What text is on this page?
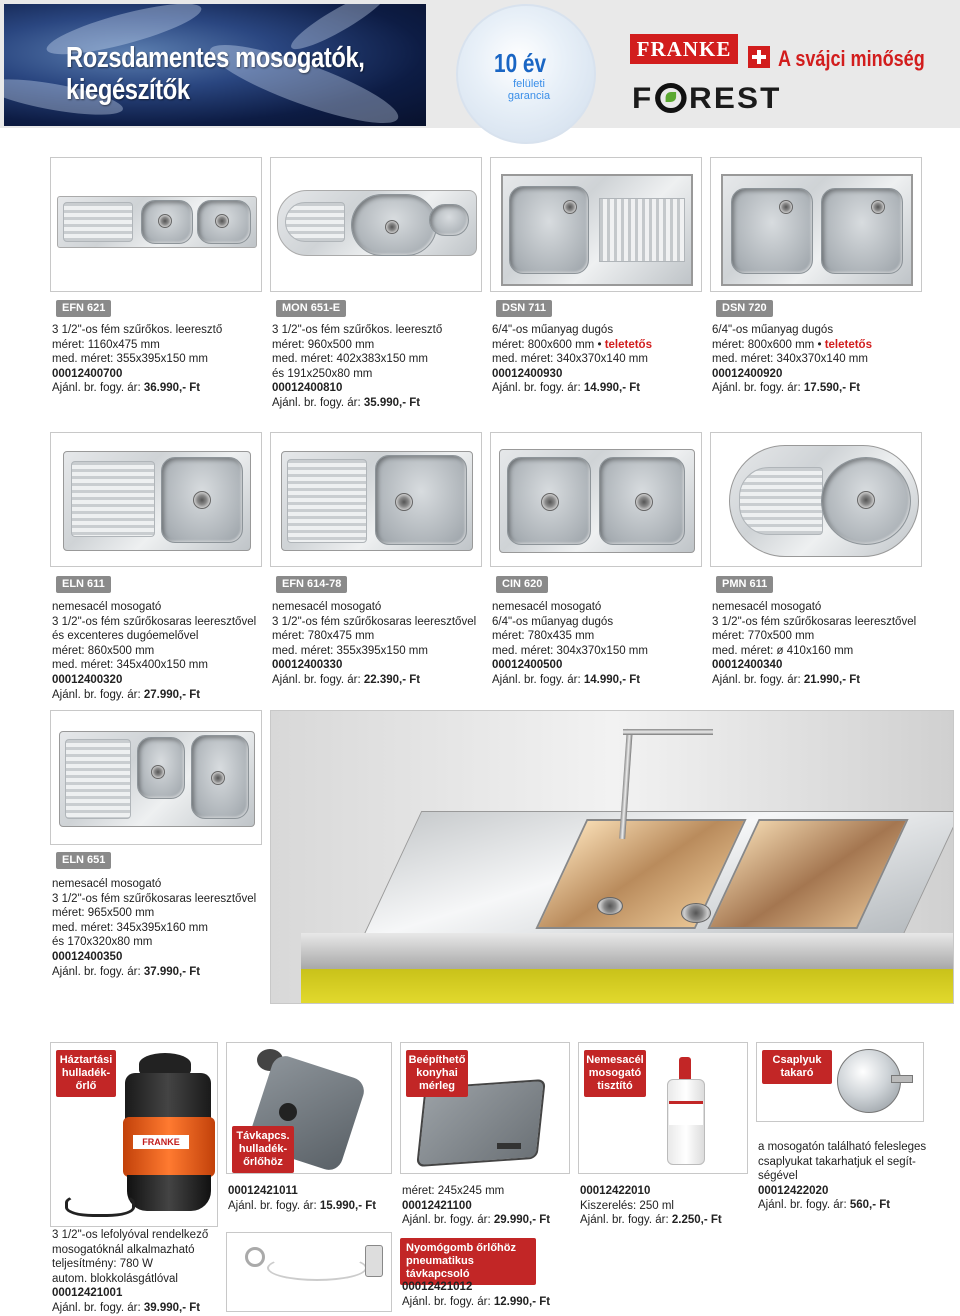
Rozsdamentes mosogatók,
kiegészítők
10 év
felületi
garancia
FRANKE	A svájci minőség
F REST
EFN 621	MON 651-E	DSN 711	DSN 720
3 1/2"-os fém szűrőkos. leeresztő
méret: 1160x475 mm
med. méret: 355x395x150 mm
00012400700
Ajánl. br. fogy. ár: 36.990,- Ft
3 1/2"-os fém szűrőkos. leeresztő
méret: 960x500 mm
med. méret: 402x383x150 mm
és 191x250x80 mm
00012400810
Ajánl. br. fogy. ár: 35.990,- Ft
6/4"-os műanyag dugós
méret: 800x600 mm • teletetős
med. méret: 340x370x140 mm
00012400930
Ajánl. br. fogy. ár: 14.990,- Ft
6/4"-os műanyag dugós
méret: 800x600 mm • teletetős
med. méret: 340x370x140 mm
00012400920
Ajánl. br. fogy. ár: 17.590,- Ft
ELN 611	EFN 614-78	CIN 620	PMN 611
nemesacél mosogató
3 1/2"-os fém szűrőkosaras leeresztővel
és excenteres dugóemelővel
méret: 860x500 mm
med. méret: 345x400x150 mm
00012400320
Ajánl. br. fogy. ár: 27.990,- Ft
nemesacél mosogató
3 1/2"-os fém szűrőkosaras leeresztővel
méret: 780x475 mm
med. méret: 355x395x150 mm
00012400330
Ajánl. br. fogy. ár: 22.390,- Ft
nemesacél mosogató
6/4"-os műanyag dugós
méret: 780x435 mm
med. méret: 304x370x150 mm
00012400500
Ajánl. br. fogy. ár: 14.990,- Ft
nemesacél mosogató
3 1/2"-os fém szűrőkosaras leeresztővel
méret: 770x500 mm
med. méret: ø 410x160 mm
00012400340
Ajánl. br. fogy. ár: 21.990,- Ft
ELN 651
nemesacél mosogató
3 1/2"-os fém szűrőkosaras leeresztővel
méret: 965x500 mm
med. méret: 345x395x160 mm
és 170x320x80 mm
00012400350
Ajánl. br. fogy. ár: 37.990,- Ft
FRANKE
Háztartási
hulladék-
őrlő
3 1/2"-os lefolyóval rendelkező
mosogatóknál alkalmazható
teljesítmény: 780 W
autom. blokkolásgátlóval
00012421001
Ajánl. br. fogy. ár: 39.990,- Ft
Távkapcs.
hulladék-
őrlőhöz
00012421011
Ajánl. br. fogy. ár: 15.990,- Ft
Beépíthető
konyhai
mérleg
méret: 245x245 mm
00012421100
Ajánl. br. fogy. ár: 29.990,- Ft
Nyomógomb őrlőhöz
pneumatikus távkapcsoló
00012421012
Ajánl. br. fogy. ár: 12.990,- Ft
Nemesacél
mosogató
tisztító
00012422010
Kiszerelés: 250 ml
Ajánl. br. fogy. ár: 2.250,- Ft
Csaplyuk
takaró
a mosogatón található felesleges
csaplyukat takarhatjuk el segít-
ségével
00012422020
Ajánl. br. fogy. ár: 560,- Ft
